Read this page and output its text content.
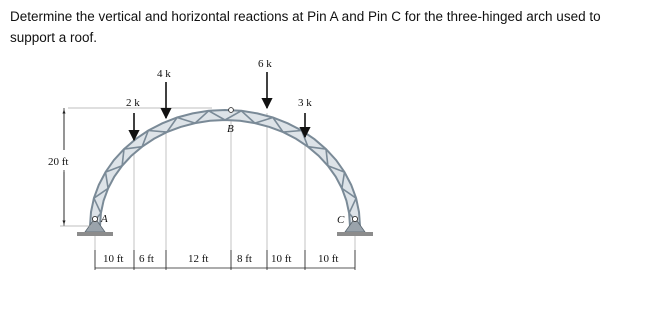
Determine the vertical and horizontal reactions at Pin A and Pin C for the three-hinged arch used to support a roof.
2 k
4 k
6 k
3 k
A
B
C
20 ft
10 ft 6 ft	12 ft	8 ft 10 ft 10 ft
